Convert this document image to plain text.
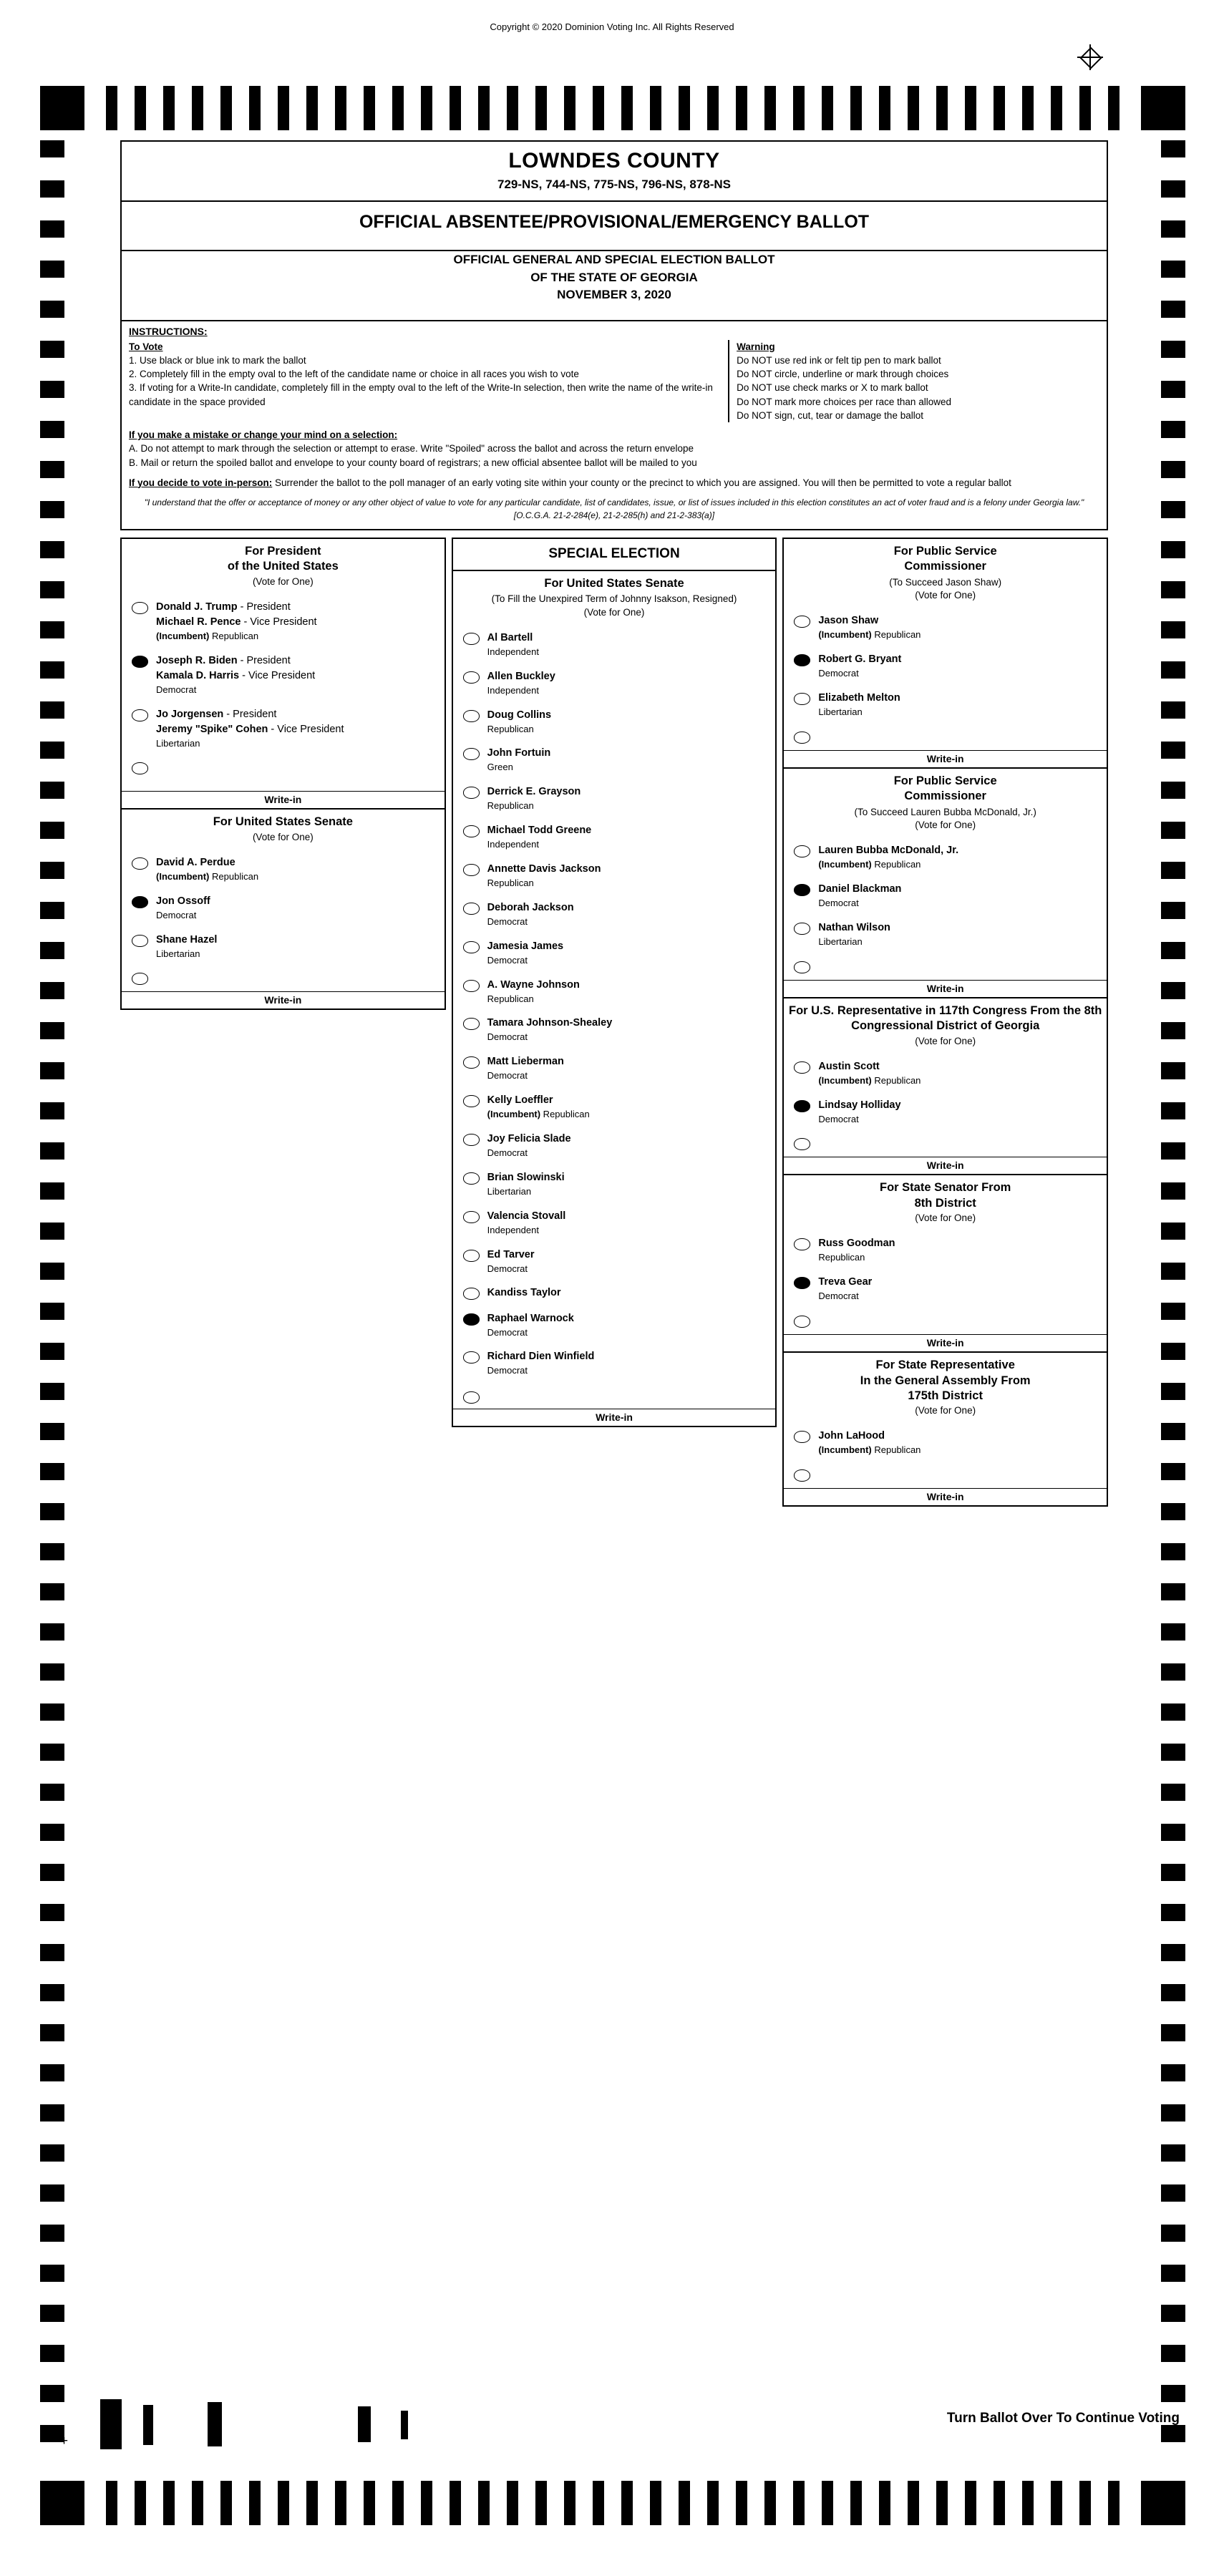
Copyright © 2020 Dominion Voting Inc. All Rights Reserved
LOWNDES COUNTY
729-NS, 744-NS, 775-NS, 796-NS, 878-NS
OFFICIAL ABSENTEE/PROVISIONAL/EMERGENCY BALLOT
OFFICIAL GENERAL AND SPECIAL ELECTION BALLOT
OF THE STATE OF GEORGIA
NOVEMBER 3, 2020
INSTRUCTIONS:

To Vote

1. Use black or blue ink to mark the ballot

2. Completely fill in the empty oval to the left of the candidate name or choice in all races you wish to vote

3. If voting for a Write-In candidate, completely fill in the empty oval to the left of the Write-In selection, then write the name of the write-in candidate in the space provided

Warning

Do NOT use red ink or felt tip pen to mark ballot

Do NOT circle, underline or mark through choices

Do NOT use check marks or X to mark ballot

Do NOT mark more choices per race than allowed

Do NOT sign, cut, tear or damage the ballot

If you make a mistake or change your mind on a selection:
A. Do not attempt to mark through the selection or attempt to erase. Write "Spoiled" across the ballot and across the return envelope
B. Mail or return the spoiled ballot and envelope to your county board of registrars; a new official absentee ballot will be mailed to you
If you decide to vote in-person: Surrender the ballot to the poll manager of an early voting site within your county or the precinct to which you are assigned. You will then be permitted to vote a regular ballot
"I understand that the offer or acceptance of money or any other object of value to vote for any particular candidate, list of candidates, issue, or list of issues included in this election constitutes an act of voter fraud and is a felony under Georgia law." [O.C.G.A. 21-2-284(e), 21-2-285(h) and 21-2-383(a)]
For President
of the United States
(Vote for One)
Donald J. Trump - President
Michael R. Pence - Vice President
(Incumbent) Republican
Joseph R. Biden - President
Kamala D. Harris - Vice President
Democrat
Jo Jorgensen - President
Jeremy "Spike" Cohen - Vice President
Libertarian
Write-in
For United States Senate
(Vote for One)
David A. Perdue
(Incumbent) Republican
Jon Ossoff
Democrat
Shane Hazel
Libertarian
Write-in
SPECIAL ELECTION
For United States Senate
(To Fill the Unexpired Term of Johnny Isakson, Resigned)
(Vote for One)
Al Bartell
Independent
Allen Buckley
Independent
Doug Collins
Republican
John Fortuin
Green
Derrick E. Grayson
Republican
Michael Todd Greene
Independent
Annette Davis Jackson
Republican
Deborah Jackson
Democrat
Jamesia James
Democrat
A. Wayne Johnson
Republican
Tamara Johnson-Shealey
Democrat
Matt Lieberman
Democrat
Kelly Loeffler
(Incumbent) Republican
Joy Felicia Slade
Democrat
Brian Slowinski
Libertarian
Valencia Stovall
Independent
Ed Tarver
Democrat
Kandiss Taylor
Raphael Warnock
Democrat
Richard Dien Winfield
Democrat
Write-in
For Public Service
Commissioner
(To Succeed Jason Shaw)
(Vote for One)
Jason Shaw
(Incumbent) Republican
Robert G. Bryant
Democrat
Elizabeth Melton
Libertarian
Write-in
For Public Service
Commissioner
(To Succeed Lauren Bubba McDonald, Jr.)
(Vote for One)
Lauren Bubba McDonald, Jr.
(Incumbent) Republican
Daniel Blackman
Democrat
Nathan Wilson
Libertarian
Write-in
For U.S. Representative in 117th Congress From the 8th Congressional District of Georgia
(Vote for One)
Austin Scott
(Incumbent) Republican
Lindsay Holliday
Democrat
Write-in
For State Senator From
8th District
(Vote for One)
Russ Goodman
Republican
Treva Gear
Democrat
Write-in
For State Representative
In the General Assembly From
175th District
(Vote for One)
John LaHood
(Incumbent) Republican
Write-in
+
Turn Ballot Over To Continue Voting
